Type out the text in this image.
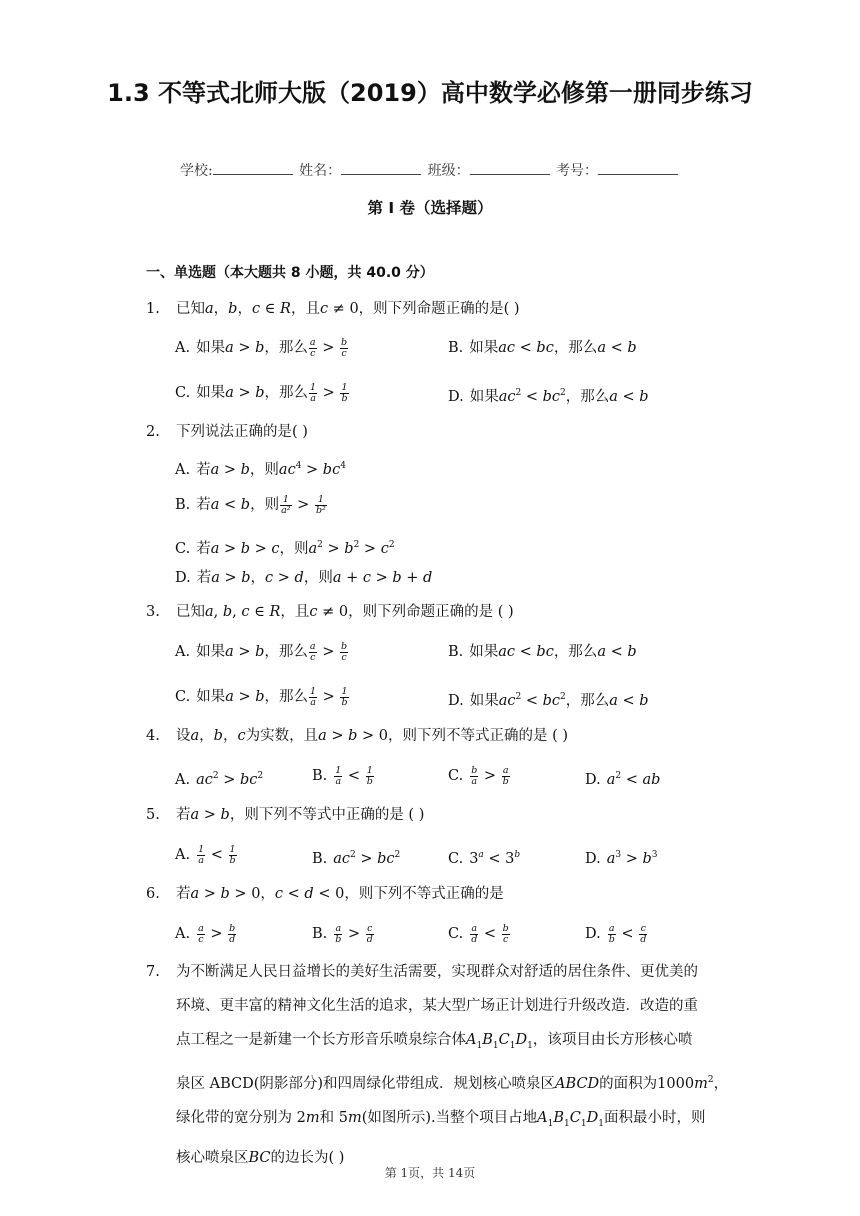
1.3 不等式北师大版（2019）高中数学必修第一册同步练习
学校:	姓名：	班级：	考号：
第 I 卷（选择题）
一、单选题（本大题共 8 小题，共 40.0 分）
1. 已知a，b，c ∈ R，且c ≠ 0，则下列命题正确的是( )
A. 如果a > b，那么 $\frac{a}{c} > \frac{b}{c}$	B. 如果ac < bc，那么a < b
C. 如果a > b，那么 $\frac{1}{a} > \frac{1}{b}$	D. 如果$ac^2 < bc^2$，那么a < b
2. 下列说法正确的是( )
A. 若a > b，则$ac^4 > bc^4$
B. 若a < b，则 $\frac{1}{\text{a²}} > \frac{1}{\text{b²}}$
C. 若a > b > c，则$a^2 > b^2 > c^2$
D. 若a > b，c > d，则a + c > b + d
3. 已知a, b, c ∈ R，且c ≠ 0，则下列命题正确的是 ( )
A. 如果a > b，那么 $\frac{a}{c} > \frac{b}{c}$	B. 如果ac < bc，那么a < b
C. 如果a > b，那么 $\frac{1}{a} > \frac{1}{b}$	D. 如果$ac^2 < bc^2$，那么a < b
4. 设a，b，c为实数，且a > b > 0，则下列不等式正确的是 ( )
A. $ac^2 > bc^2$	B. $\frac{1}{a} < \frac{1}{b}$	C. $\frac{b}{a} > \frac{a}{b}$	D. $a^2$ < ab
5. 若a > b，则下列不等式中正确的是 ( )
A. $\frac{1}{a} < \frac{1}{b}$	B. $ac^2 > bc^2$	C. $3^a < 3^b$	D. $a^3 > b^3$
6. 若a > b > 0，c < d < 0，则下列不等式正确的是
A. $\frac{a}{c} > \frac{b}{d}$	B. $\frac{a}{b} > \frac{c}{d}$	C. $\frac{a}{d} < \frac{b}{c}$	D. $\frac{a}{b} < \frac{c}{d}$
7. 为不断满足人民日益增长的美好生活需要，实现群众对舒适的居住条件、更优美的
环境、更丰富的精神文化生活的追求，某大型广场正计划进行升级改造．改造的重
点工程之一是新建一个长方形音乐喷泉综合体$A_1B_1C_1D_1$，该项目由长方形核心喷
泉区 ABCD(阴影部分)和四周绿化带组成．规划核心喷泉区ABCD的面积为$1000m^2$，
绿化带的宽分别为 2m和 5m(如图所示).当整个项目占地$A_1B_1C_1D_1$面积最小时，则
核心喷泉区BC的边长为( )
第 1页，共 14页
